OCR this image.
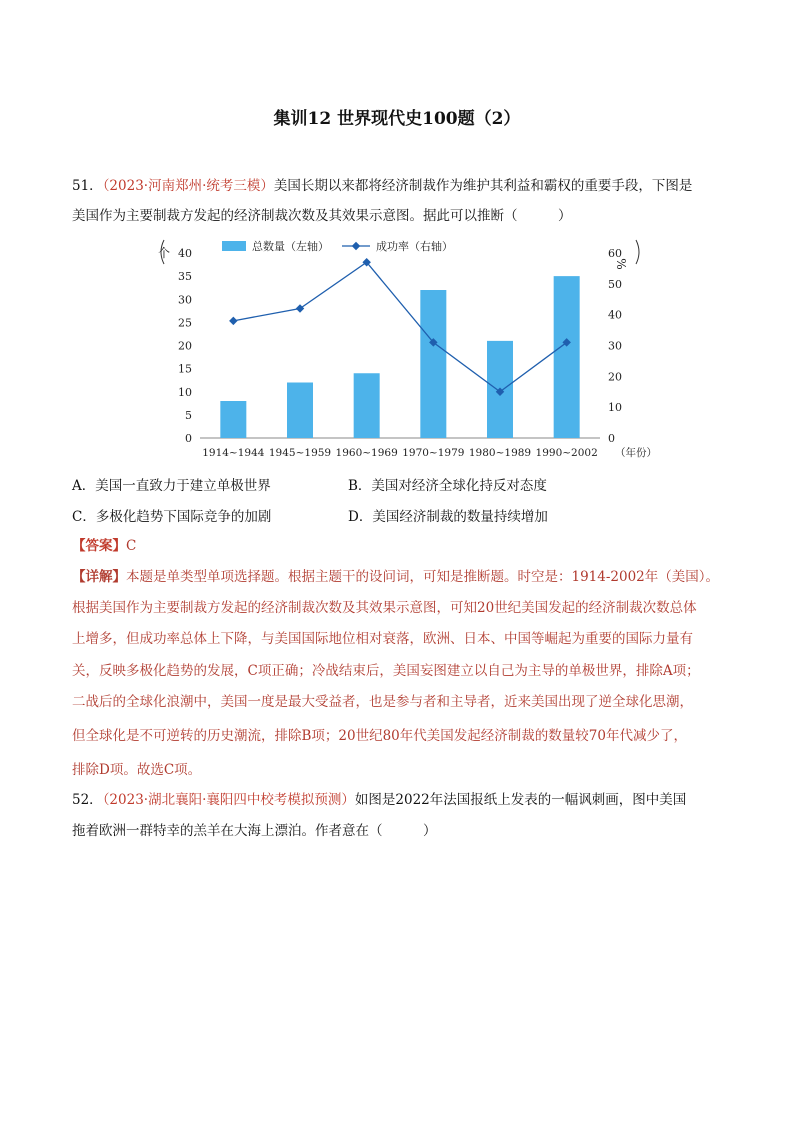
集训12 世界现代史100题（2）
51．（2023·河南郑州·统考三模）美国长期以来都将经济制裁作为维护其利益和霸权的重要手段，下图是
美国作为主要制裁方发起的经济制裁次数及其效果示意图。据此可以推断（　　　）
0
5
10
15
20
25
30
35
40
0
10
20
30
40
50
60
个
%
1914~1944 1945~1959 1960~1969 1970~1979 1980~1989 1990~2002 （年份）
总数量（左轴）	成功率（右轴）
A．美国一直致力于建立单极世界	B．美国对经济全球化持反对态度
C．多极化趋势下国际竞争的加剧	D．美国经济制裁的数量持续增加
【答案】C
【详解】本题是单类型单项选择题。根据主题干的设问词，可知是推断题。时空是：1914-2002年（美国）。
根据美国作为主要制裁方发起的经济制裁次数及其效果示意图，可知20世纪美国发起的经济制裁次数总体
上增多，但成功率总体上下降，与美国国际地位相对衰落，欧洲、日本、中国等崛起为重要的国际力量有
关，反映多极化趋势的发展，C项正确；冷战结束后，美国妄图建立以自己为主导的单极世界，排除A项；
二战后的全球化浪潮中，美国一度是最大受益者，也是参与者和主导者，近来美国出现了逆全球化思潮，
但全球化是不可逆转的历史潮流，排除B项；20世纪80年代美国发起经济制裁的数量较70年代减少了，
排除D项。故选C项。
52．（2023·湖北襄阳·襄阳四中校考模拟预测）如图是2022年法国报纸上发表的一幅讽刺画，图中美国
拖着欧洲一群特幸的羔羊在大海上漂泊。作者意在（　　　）
